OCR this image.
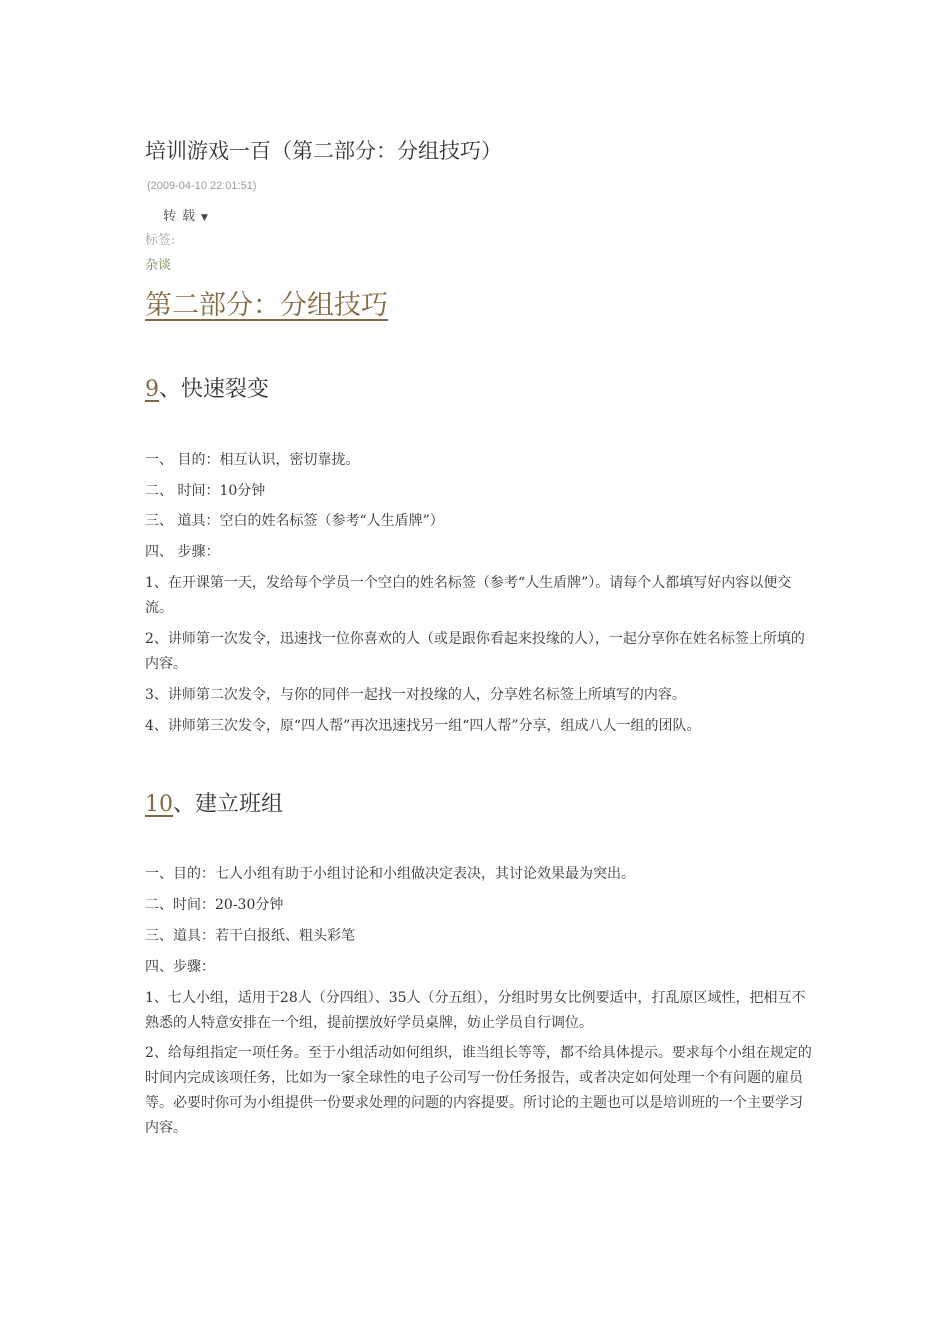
培训游戏一百（第二部分：分组技巧）
(2009-04-10 22:01:51)
转载▼
标签:
杂谈
第二部分：分组技巧
9、快速裂变

一、 目的：相互认识，密切靠拢。

二、 时间：10分钟

三、 道具：空白的姓名标签（参考“人生盾牌”）

四、 步骤：

1、在开课第一天，发给每个学员一个空白的姓名标签（参考“人生盾牌”）。请每个人都填写好内容以便交流。

2、讲师第一次发令，迅速找一位你喜欢的人（或是跟你看起来投缘的人），一起分享你在姓名标签上所填的内容。

3、讲师第二次发令，与你的同伴一起找一对投缘的人，分享姓名标签上所填写的内容。

4、讲师第三次发令，原“四人帮”再次迅速找另一组“四人帮”分享，组成八人一组的团队。

10、建立班组

一、目的：七人小组有助于小组讨论和小组做决定表决，其讨论效果最为突出。

二、时间：20-30分钟

三、道具：若干白报纸、粗头彩笔

四、步骤：

1、七人小组，适用于28人（分四组）、35人（分五组），分组时男女比例要适中，打乱原区域性，把相互不熟悉的人特意安排在一个组，提前摆放好学员桌牌，妨止学员自行调位。

2、给每组指定一项任务。至于小组活动如何组织，谁当组长等等，都不给具体提示。要求每个小组在规定的时间内完成该项任务，比如为一家全球性的电子公司写一份任务报告，或者决定如何处理一个有问题的雇员等。必要时你可为小组提供一份要求处理的问题的内容提要。所讨论的主题也可以是培训班的一个主要学习内容。
